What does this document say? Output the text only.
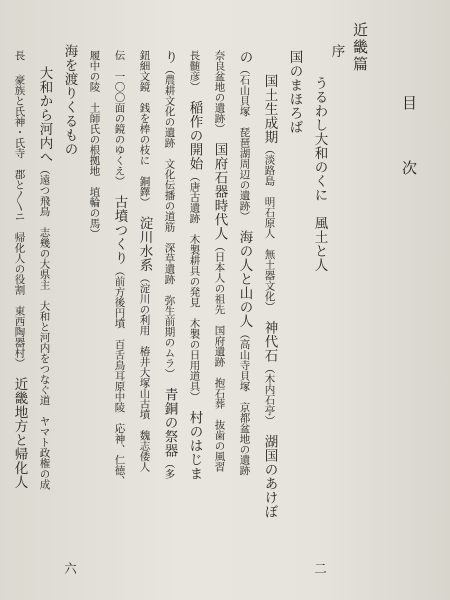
目
次
近畿篇
序
うるわし大和のくに　風土と人
二
国のまほろば
国土生成期（淡路島　明石原人　無土器文化）　神代石（木内石亭）　湖国のあけぼ
の（石山貝塚　琵琶湖周辺の遺跡）　海の人と山の人（高山寺貝塚　京都盆地の遺跡
奈良盆地の遺跡）　国府石器時代人（日本人の祖先　国府遺跡　抱石葬　抜歯の風習
長髄彦）　稲作の開始（唐古遺跡　木製耕具の発見　木製の日用道具）　村のはじま
り（農耕文化の遺跡　文化伝播の道筋　深草遺跡　弥生前期のムラ）　青銅の祭器（多
鈕細文鏡　銭を棒の枝に　銅鐸）　淀川水系（淀川の利用　椿井大塚山古墳　魏志倭人
伝　一〇〇面の鏡のゆくえ）　古墳つくり（前方後円墳　百舌鳥耳原中陵　応神、仁徳、
履中の陵　土師氏の根拠地　埴輪の馬）
海を渡りくるもの
六
大和から河内へ（遠つ飛鳥　志幾の大県主　大和と河内をつなぐ道　ヤマト政権の成
長　豪族と氏神・氏寺　郡と〳〵ニ　帰化人の役割　東西陶器村）　近畿地方と帰化人
